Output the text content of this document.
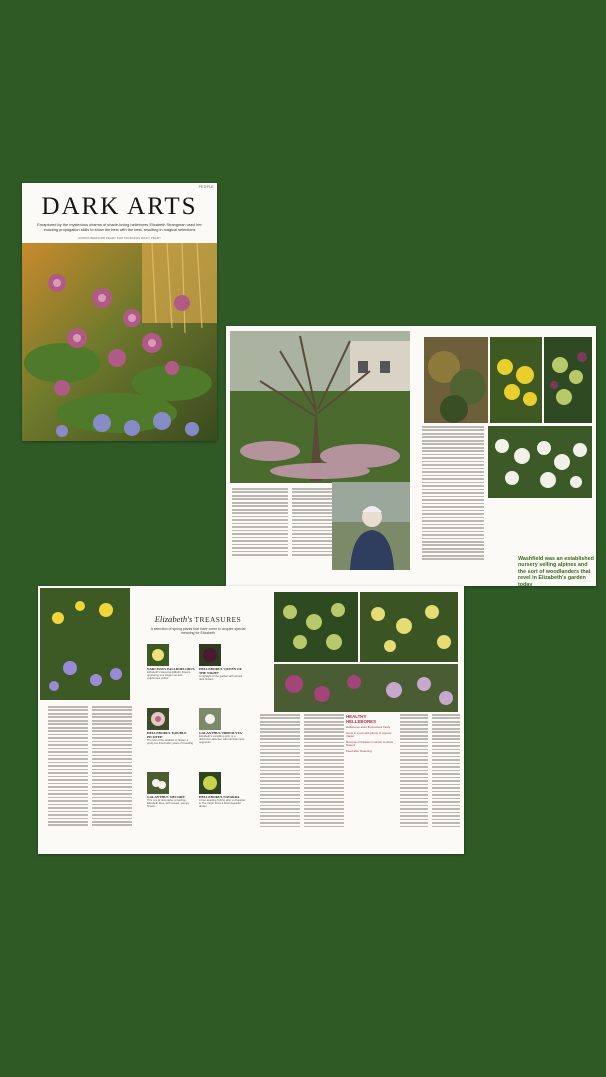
PEOPLE
DARK ARTS
Enraptured by the mysterious charms of shade-loving hellebores Elizabeth Strangman used her exacting propagation skills to show the best with the best, resulting in magical selections
WORDS BERNARD PEARY PHOTOGRAPHS RICKY PEARY
Washfield was an established nursery selling alpines and the sort of woodlanders that revel in Elizabeth's garden today
Elizabeth's TREASURES
A selection of spring plants that have come to acquire special meaning for Elizabeth
NARCISSUS PALLIDIFLORUS
Elizabeth's favourite daffodil, flowers appearing in a single hue and sulphurous yellow
HELLEBORUS 'QUEEN OF THE NIGHT'
A highlight of the garden with almost dark flowers
HELLEBORUS 'DOUBLE PICOTEE'
The first of the doubles to flower, a pretty ice-tinted after years of breeding
GALANTHUS 'HIPPOLYTA'
Elizabeth's snowdrop pick, is a distinctive selection with intricate inner segments
GALANTHUS 'DECORE'
This one of decorative snowdrop, Elizabeth likes, with inward, stumpy flowers
HELLEBORUS NAVARRA
A free-seeding hybrid, after a character in The Virgin Flora a fresh beautiful dream
HEALTHY HELLEBORES
Hellebores seed themselves freely
Grow in a soil with plenty of organic matter
Remove old leaves in winter to show flowers
Feed after flowering
